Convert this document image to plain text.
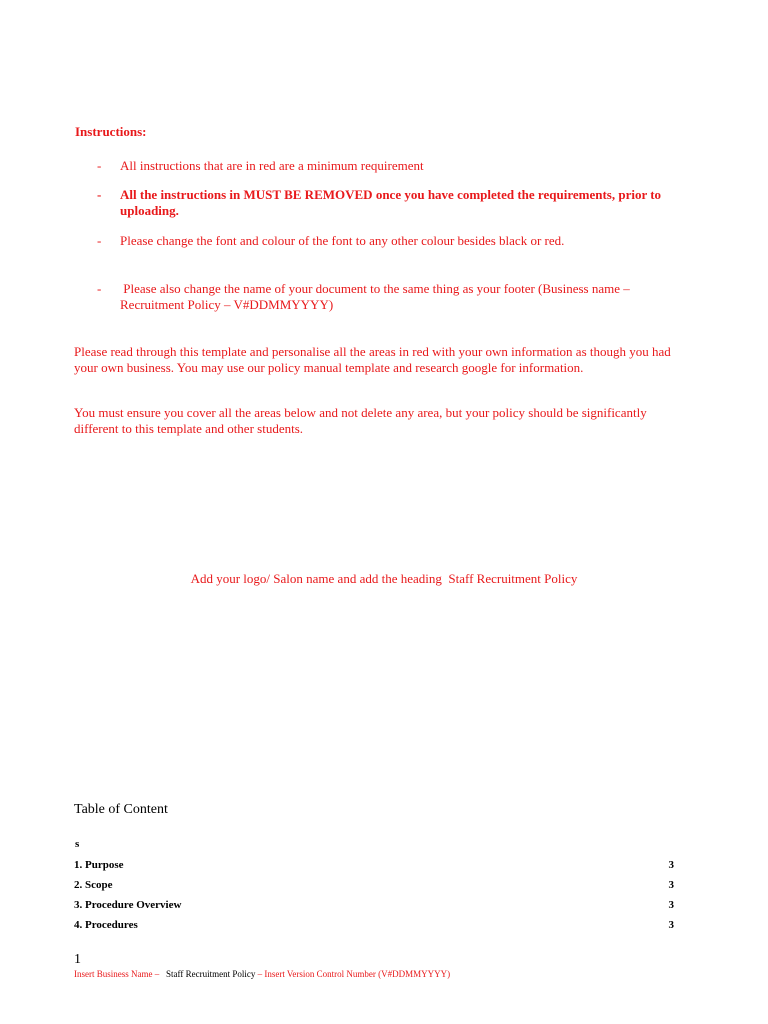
Instructions:
- All instructions that are in red are a minimum requirement
- All the instructions in MUST BE REMOVED once you have completed the requirements, prior to uploading.
- Please change the font and colour of the font to any other colour besides black or red.
- Please also change the name of your document to the same thing as your footer (Business name – Recruitment Policy – V#DDMMYYYY)
Please read through this template and personalise all the areas in red with your own information as though you had your own business. You may use our policy manual template and research google for information.
You must ensure you cover all the areas below and not delete any area, but your policy should be significantly different to this template and other students.
Add your logo/ Salon name and add the heading  Staff Recruitment Policy
Table of Content
s
1. Purpose	3
2. Scope	3
3. Procedure Overview	3
4. Procedures	3
1
Insert Business Name – Staff Recruitment Policy – Insert Version Control Number (V#DDMMYYYY)
